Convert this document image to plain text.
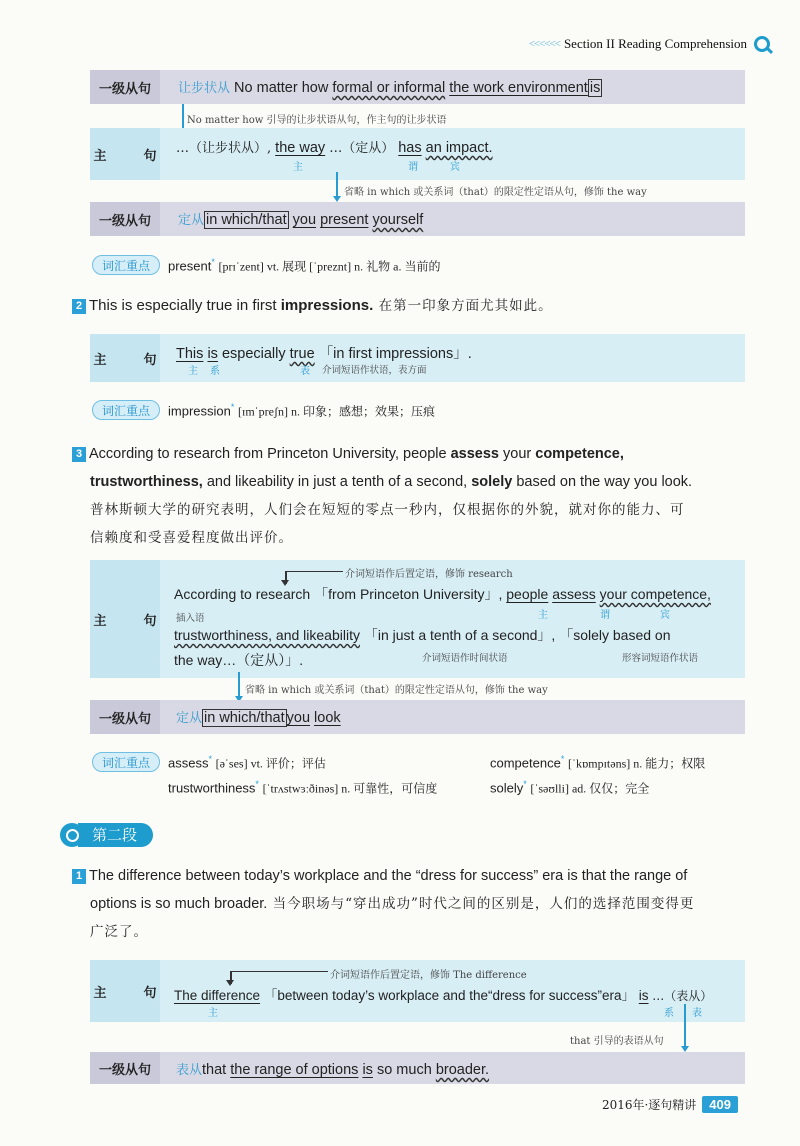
<<<<<< Section II Reading Comprehension
一级从句	让步状从 No matter how formal or informal the work environment is
No matter how 引导的让步状语从句，作主句的让步状语
主　句 …（让步状从）, the way …（定从） has an impact.
主	谓	宾
省略 in which 或关系词（that）的限定性定语从句，修饰 the way
一级从句	定从 in which/that you present yourself
词汇重点	present* [prɪˈzent] vt. 展现 [ˈpreznt] n. 礼物 a. 当前的
2 This is especially true in first impressions. 在第一印象方面尤其如此。
主　句 This is especially true 「in first impressions」.
主 系	表 介词短语作状语，表方面
词汇重点	impression* [ɪmˈpreʃn] n. 印象；感想；效果；压痕
3 According to research from Princeton University, people assess your competence,
trustworthiness, and likeability in just a tenth of a second, solely based on the way you look.
普林斯顿大学的研究表明，人们会在短短的零点一秒内，仅根据你的外貌，就对你的能力、可
信赖度和受喜爱程度做出评价。
主　句
介词短语作后置定语，修饰 research
According to research 「from Princeton University」, people assess your competence,
插入语	主	谓	宾
trustworthiness, and likeability 「in just a tenth of a second」, 「solely based on
the way…（定从）」.	介词短语作时间状语	形容词短语作状语
省略 in which 或关系词（that）的限定性定语从句，修饰 the way
一级从句	定从 in which/that you look
词汇重点	assess* [əˈses] vt. 评价；评估	competence* [ˈkɒmpɪtəns] n. 能力；权限
trustworthiness* [ˈtrʌstwɜːðinəs] n. 可靠性，可信度	solely* [ˈsəʊlli] ad. 仅仅；完全
第二段
1 The difference between today’s workplace and the “dress for success” era is that the range of
options is so much broader. 当今职场与“穿出成功”时代之间的区别是，人们的选择范围变得更
广泛了。
主　句
介词短语作后置定语，修饰 The difference
The difference 「between today’s workplace and the“dress for success”era」 is …（表从）
主	系 表
that 引导的表语从句
一级从句	表从that the range of options is so much broader.
2016年·逐句精讲	409
